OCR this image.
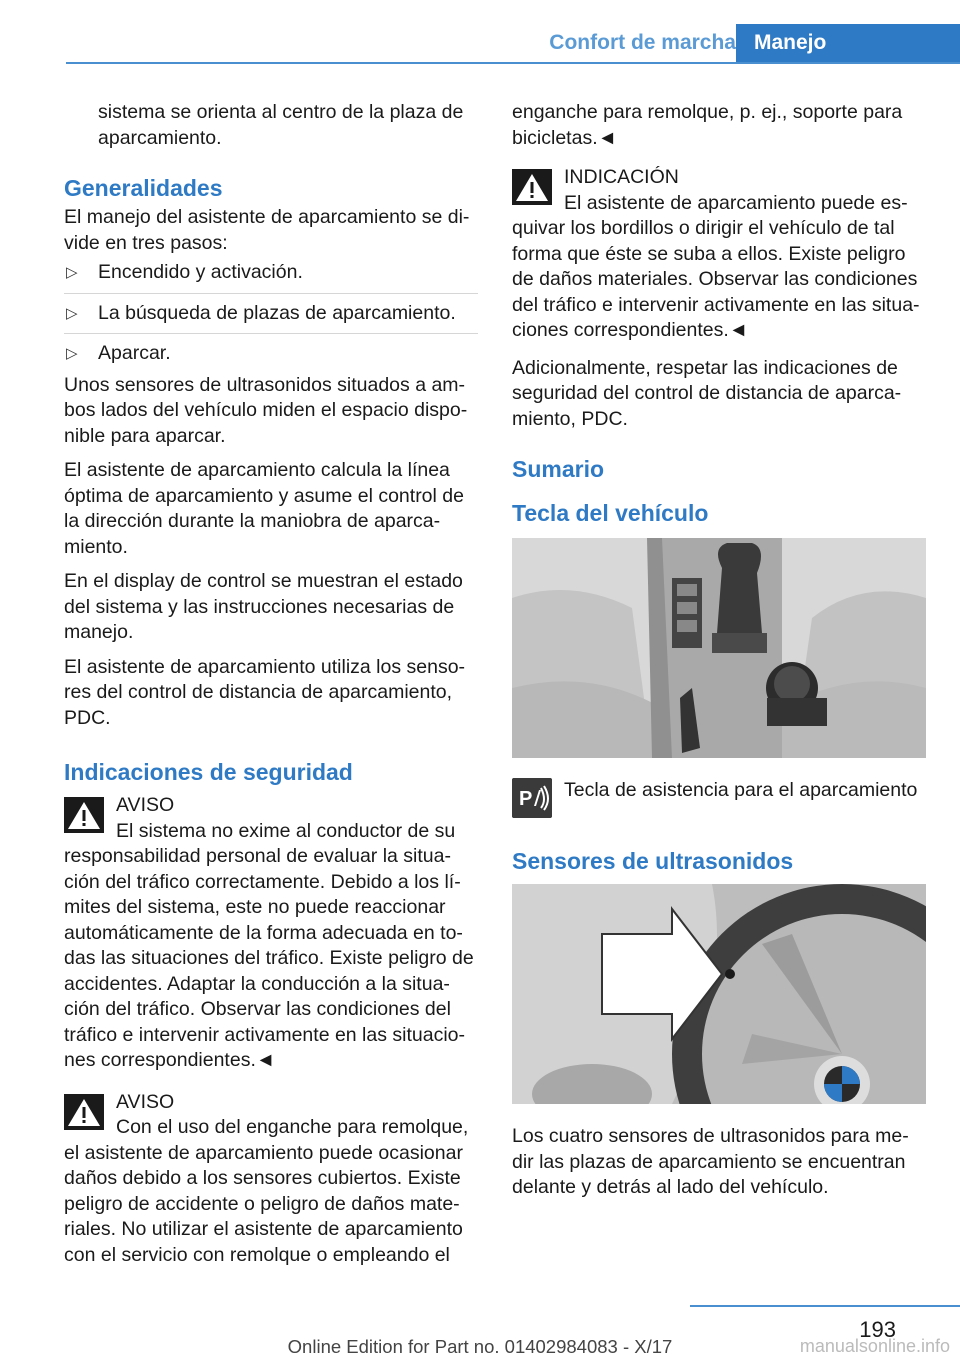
Confort de marcha Manejo

sistema se orienta al centro de la plaza de aparcamiento.

Generalidades

El manejo del asistente de aparcamiento se di- vide en tres pasos:

▷ Encendido y activación.
▷ La búsqueda de plazas de aparcamiento.
▷ Aparcar.

Unos sensores de ultrasonidos situados a am- bos lados del vehículo miden el espacio dispo- nible para aparcar.

El asistente de aparcamiento calcula la línea óptima de aparcamiento y asume el control de la dirección durante la maniobra de aparca- miento.

En el display de control se muestran el estado del sistema y las instrucciones necesarias de manejo.

El asistente de aparcamiento utiliza los senso- res del control de distancia de aparcamiento, PDC.

Indicaciones de seguridad
AVISO
El sistema no exime al conductor de su responsabilidad personal de evaluar la situa- ción del tráfico correctamente. Debido a los lí- mites del sistema, este no puede reaccionar automáticamente de la forma adecuada en to- das las situaciones del tráfico. Existe peligro de accidentes. Adaptar la conducción a la situa- ción del tráfico. Observar las condiciones del tráfico e intervenir activamente en las situacio- nes correspondientes.◄
AVISO
Con el uso del enganche para remolque, el asistente de aparcamiento puede ocasionar daños debido a los sensores cubiertos. Existe peligro de accidente o peligro de daños mate- riales. No utilizar el asistente de aparcamiento con el servicio con remolque o empleando el

enganche para remolque, p. ej., soporte para bicicletas.◄

INDICACIÓN
El asistente de aparcamiento puede es- quivar los bordillos o dirigir el vehículo de tal forma que éste se suba a ellos. Existe peligro de daños materiales. Observar las condiciones del tráfico e intervenir activamente en las situa- ciones correspondientes.◄

Adicionalmente, respetar las indicaciones de seguridad del control de distancia de aparca- miento, PDC.

Sumario
Tecla del vehículo
P Tecla de asistencia para el aparcamiento
Sensores de ultrasonidos

Los cuatro sensores de ultrasonidos para me- dir las plazas de aparcamiento se encuentran delante y detrás al lado del vehículo.

193
Online Edition for Part no. 01402984083 - X/17	manualsonline.info
